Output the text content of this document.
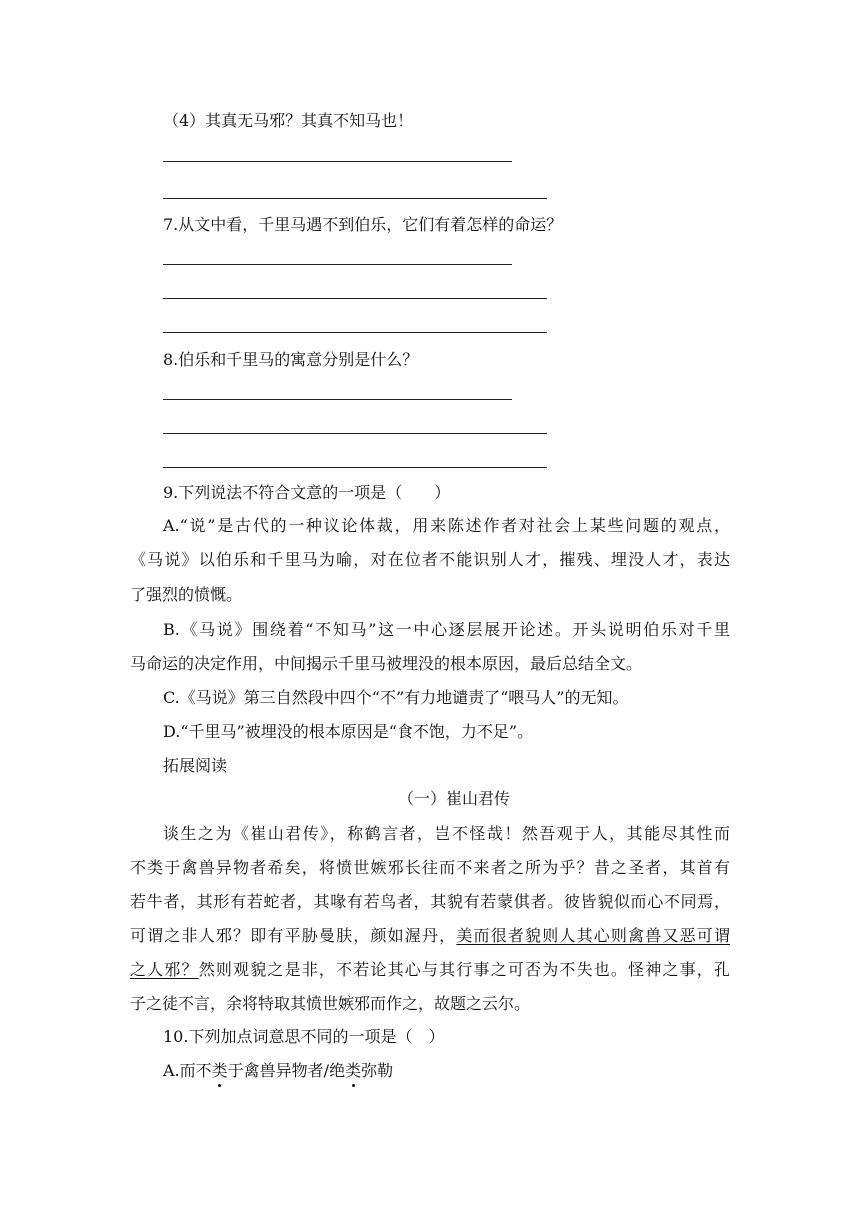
（4）其真无马邪？其真不知马也！
7.从文中看，千里马遇不到伯乐，它们有着怎样的命运？
8.伯乐和千里马的寓意分别是什么？
9.下列说法不符合文意的一项是（　　）
A.“说”是古代的一种议论体裁，用来陈述作者对社会上某些问题的观点，
《马说》以伯乐和千里马为喻，对在位者不能识别人才，摧残、埋没人才，表达
了强烈的愤慨。
B.《马说》围绕着“不知马”这一中心逐层展开论述。开头说明伯乐对千里
马命运的决定作用，中间揭示千里马被埋没的根本原因，最后总结全文。
C.《马说》第三自然段中四个“不”有力地谴责了“喂马人”的无知。
D.“千里马”被埋没的根本原因是“食不饱，力不足”。
拓展阅读
（一）崔山君传
谈生之为《崔山君传》，称鹤言者，岂不怪哉！然吾观于人，其能尽其性而
不类于禽兽异物者希矣，将愤世嫉邪长往而不来者之所为乎？昔之圣者，其首有
若牛者，其形有若蛇者，其喙有若鸟者，其貌有若蒙倛者。彼皆貌似而心不同焉，
可谓之非人邪？即有平胁曼肤，颜如渥丹，美而很者貌则人其心则禽兽又恶可谓
之人邪？然则观貌之是非，不若论其心与其行事之可否为不失也。怪神之事，孔
子之徒不言，余将特取其愤世嫉邪而作之，故题之云尔。
10.下列加点词意思不同的一项是（　）
A.而不类于禽兽异物者/绝类弥勒
